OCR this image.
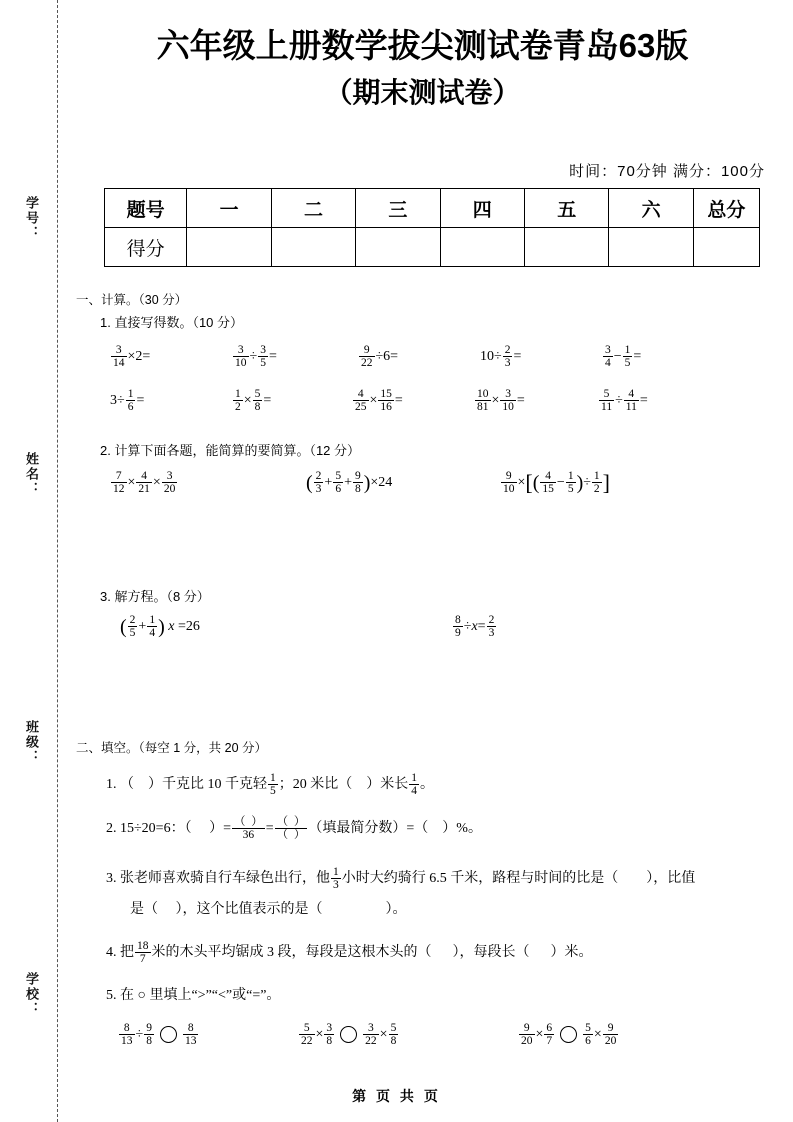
学号：
姓名：
班级：
学校：
六年级上册数学拔尖测试卷青岛63版
（期末测试卷）
时间：70分钟 满分：100分
题号	一	二	三	四	五	六	总分
得分							
一、计算。（30 分）
1. 直接写得数。（10 分）
$\frac{3}{14} \times 2=$	$\frac{3}{10} \div \frac{3}{5}$ =	$\frac{9}{22} \div 6=$	$10\div \frac{2}{3}$ =	$\frac{3}{4} - \frac{1}{5}$ =
$3\div \frac{1}{6}$ =	$\frac{1}{2} \times \frac{5}{8}$ =	$\frac{4}{25} \times \frac{15}{16}$ =	$\frac{10}{81} \times \frac{3}{10}$ =	$\frac{5}{11} \div \frac{4}{11}$ =
2. 计算下面各题，能简算的要简算。（12 分）
$\frac{7}{12} \times \frac{4}{21} \times \frac{3}{20}$	( $\frac{2}{3} + \frac{5}{6} + \frac{9}{8} )\times 24$	$\frac{9}{10}$ ×[( $\frac{4}{15} - \frac{1}{5}$ )÷ $\frac{1}{2}$ ]
3. 解方程。（8 分）
( $\frac{2}{5} + \frac{1}{4}$ ) x =26	$\frac{8}{9} \div x= \frac{2}{3}$
二、填空。（每空 1 分，共 20 分）
1. （    ）千克比 10 千克轻 $\frac{1}{5}$ ；20 米比（    ）米长 $\frac{1}{4}$ 。
2. 15÷20=6：（     ）= $\frac{( )}{36} = \frac{( )}{( )}$ （填最简分数）=（    ）%。
3. 张老师喜欢骑自行车绿色出行，他 $\frac{1}{3}$ 小时大约骑行 6.5 千米，路程与时间的比是（ ），比值
是（ ），这个比值表示的是（	）。
4. 把 $\frac{18}{7}$ 米的木头平均锯成 3 段，每段是这根木头的（      ），每段长（      ）米。
5. 在 ○ 里填上“>”“<”或“=”。
$\frac{8}{13} \div \frac{9}{8}$	$\frac{8}{13}$	$\frac{5}{22} \times \frac{3}{8}$	$\frac{3}{22} \times \frac{5}{8}$	$\frac{9}{20} \times \frac{6}{7}$	$\frac{5}{6} \times \frac{9}{20}$
第 页 共 页
